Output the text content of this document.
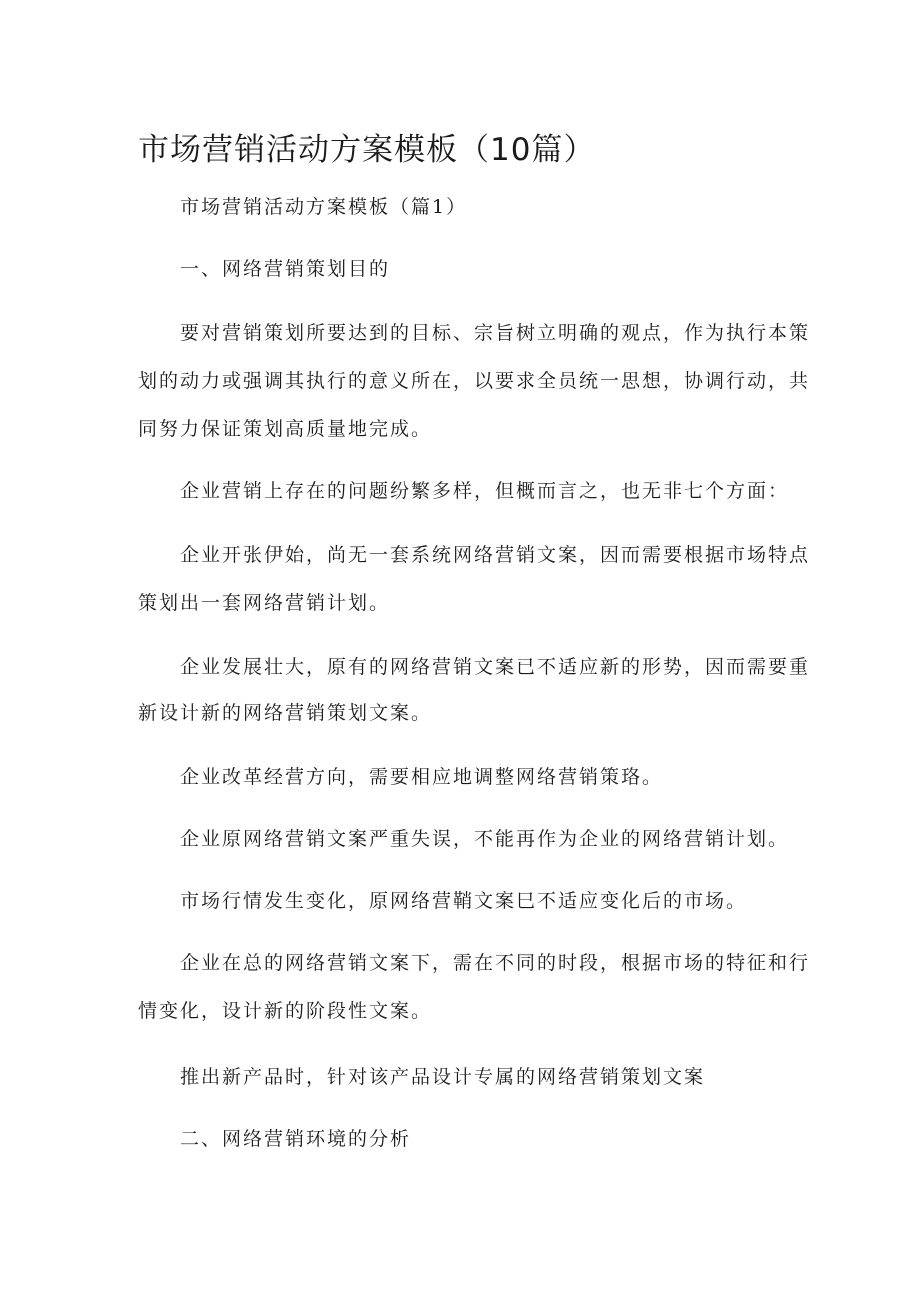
市场营销活动方案模板（10篇）

市场营销活动方案模板（篇1）

一、网络营销策划目的

要对营销策划所要达到的目标、宗旨树立明确的观点，作为执行本策

划的动力或强调其执行的意义所在，以要求全员统一思想，协调行动，共

同努力保证策划高质量地完成。

企业营销上存在的问题纷繁多样，但概而言之，也无非七个方面：

企业开张伊始，尚无一套系统网络营销文案，因而需要根据市场特点

策划出一套网络营销计划。

企业发展壮大，原有的网络营销文案已不适应新的形势，因而需要重

新设计新的网络营销策划文案。

企业改革经营方向，需要相应地调整网络营销策珞。

企业原网络营销文案严重失误，不能再作为企业的网络营销计划。

市场行情发生变化，原网络营鞘文案巳不适应变化后的市场。

企业在总的网络营销文案下，需在不同的时段，根据市场的特征和行

情变化，设计新的阶段性文案。

推出新产品时，针对该产品设计专属的网络营销策划文案

二、网络营销环境的分析
